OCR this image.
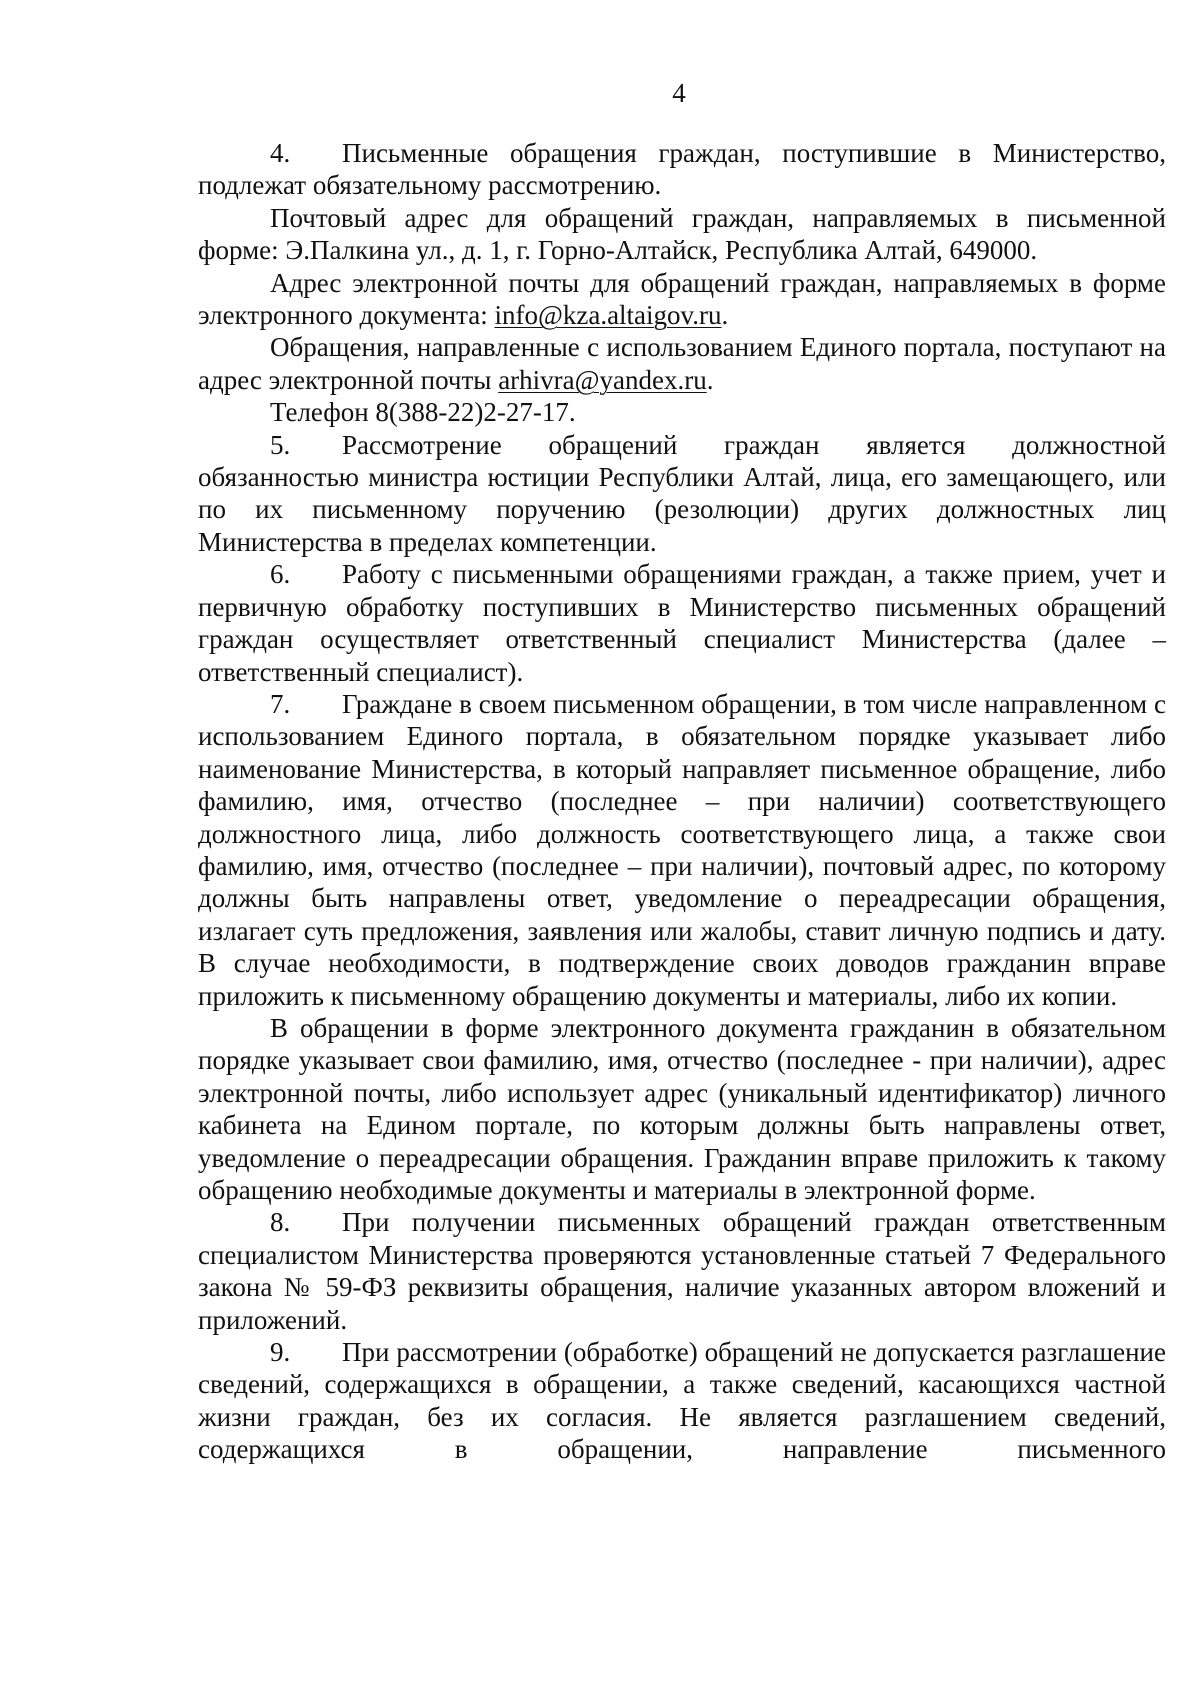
4

4. Письменные обращения граждан, поступившие в Министерство, подлежат обязательному рассмотрению.

Почтовый адрес для обращений граждан, направляемых в письменной форме: Э.Палкина ул., д. 1, г. Горно-Алтайск, Республика Алтай, 649000.

Адрес электронной почты для обращений граждан, направляемых в форме электронного документа: info@kza.altaigov.ru.

Обращения, направленные с использованием Единого портала, поступают на адрес электронной почты arhivra@yandex.ru.

Телефон 8(388-22)2-27-17.

5. Рассмотрение обращений граждан является должностной обязанностью министра юстиции Республики Алтай, лица, его замещающего, или по их письменному поручению (резолюции) других должностных лиц Министерства в пределах компетенции.

6. Работу с письменными обращениями граждан, а также прием, учет и первичную обработку поступивших в Министерство письменных обращений граждан осуществляет ответственный специалист Министерства (далее – ответственный специалист).

7. Граждане в своем письменном обращении, в том числе направленном с использованием Единого портала, в обязательном порядке указывает либо наименование Министерства, в который направляет письменное обращение, либо фамилию, имя, отчество (последнее – при наличии) соответствующего должностного лица, либо должность соответствующего лица, а также свои фамилию, имя, отчество (последнее – при наличии), почтовый адрес, по которому должны быть направлены ответ, уведомление о переадресации обращения, излагает суть предложения, заявления или жалобы, ставит личную подпись и дату. В случае необходимости, в подтверждение своих доводов гражданин вправе приложить к письменному обращению документы и материалы, либо их копии.

В обращении в форме электронного документа гражданин в обязательном порядке указывает свои фамилию, имя, отчество (последнее - при наличии), адрес электронной почты, либо использует адрес (уникальный идентификатор) личного кабинета на Едином портале, по которым должны быть направлены ответ, уведомление о переадресации обращения. Гражданин вправе приложить к такому обращению необходимые документы и материалы в электронной форме.

8. При получении письменных обращений граждан ответственным специалистом Министерства проверяются установленные статьей 7 Федерального закона № 59-ФЗ реквизиты обращения, наличие указанных автором вложений и приложений.

9. При рассмотрении (обработке) обращений не допускается разглашение сведений, содержащихся в обращении, а также сведений, касающихся частной жизни граждан, без их согласия. Не является разглашением сведений, содержащихся в обращении, направление письменного
